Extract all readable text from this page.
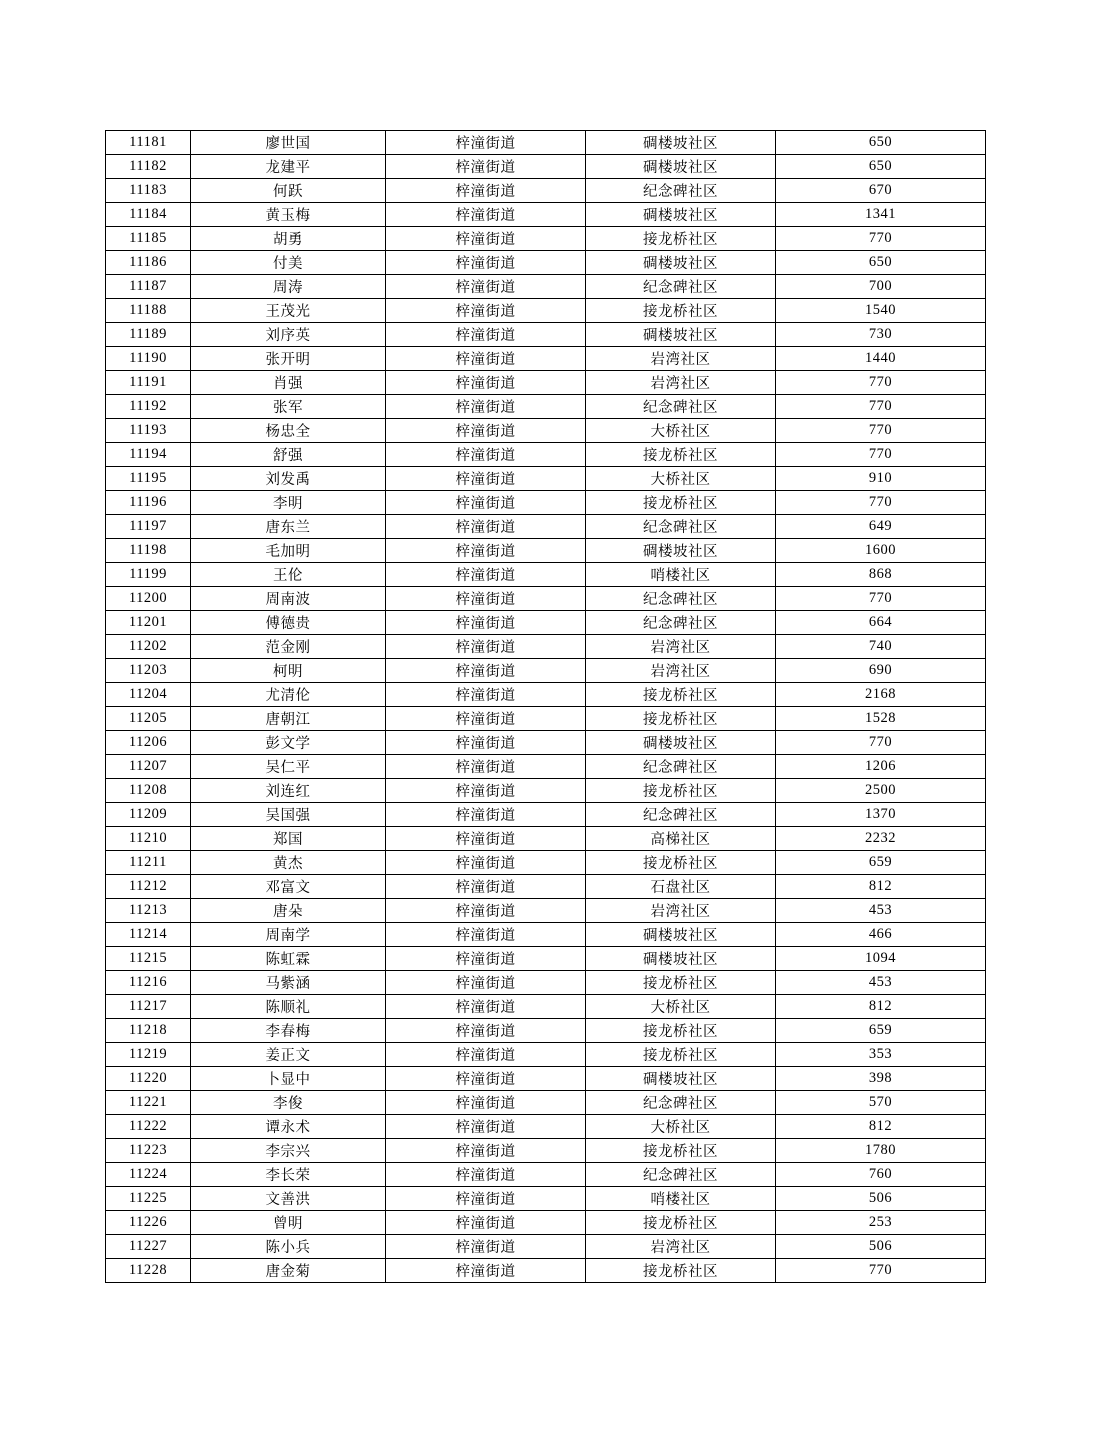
11181	廖世国	梓潼街道	碉楼坡社区	650
11182	龙建平	梓潼街道	碉楼坡社区	650
11183	何跃	梓潼街道	纪念碑社区	670
11184	黄玉梅	梓潼街道	碉楼坡社区	1341
11185	胡勇	梓潼街道	接龙桥社区	770
11186	付美	梓潼街道	碉楼坡社区	650
11187	周涛	梓潼街道	纪念碑社区	700
11188	王茂光	梓潼街道	接龙桥社区	1540
11189	刘序英	梓潼街道	碉楼坡社区	730
11190	张开明	梓潼街道	岩湾社区	1440
11191	肖强	梓潼街道	岩湾社区	770
11192	张军	梓潼街道	纪念碑社区	770
11193	杨忠全	梓潼街道	大桥社区	770
11194	舒强	梓潼街道	接龙桥社区	770
11195	刘发禹	梓潼街道	大桥社区	910
11196	李明	梓潼街道	接龙桥社区	770
11197	唐东兰	梓潼街道	纪念碑社区	649
11198	毛加明	梓潼街道	碉楼坡社区	1600
11199	王伦	梓潼街道	哨楼社区	868
11200	周南波	梓潼街道	纪念碑社区	770
11201	傅德贵	梓潼街道	纪念碑社区	664
11202	范金刚	梓潼街道	岩湾社区	740
11203	柯明	梓潼街道	岩湾社区	690
11204	尤清伦	梓潼街道	接龙桥社区	2168
11205	唐朝江	梓潼街道	接龙桥社区	1528
11206	彭文学	梓潼街道	碉楼坡社区	770
11207	吴仁平	梓潼街道	纪念碑社区	1206
11208	刘连红	梓潼街道	接龙桥社区	2500
11209	吴国强	梓潼街道	纪念碑社区	1370
11210	郑国	梓潼街道	高梯社区	2232
11211	黄杰	梓潼街道	接龙桥社区	659
11212	邓富文	梓潼街道	石盘社区	812
11213	唐朵	梓潼街道	岩湾社区	453
11214	周南学	梓潼街道	碉楼坡社区	466
11215	陈虹霖	梓潼街道	碉楼坡社区	1094
11216	马紫涵	梓潼街道	接龙桥社区	453
11217	陈顺礼	梓潼街道	大桥社区	812
11218	李春梅	梓潼街道	接龙桥社区	659
11219	姜正文	梓潼街道	接龙桥社区	353
11220	卜显中	梓潼街道	碉楼坡社区	398
11221	李俊	梓潼街道	纪念碑社区	570
11222	谭永术	梓潼街道	大桥社区	812
11223	李宗兴	梓潼街道	接龙桥社区	1780
11224	李长荣	梓潼街道	纪念碑社区	760
11225	文善洪	梓潼街道	哨楼社区	506
11226	曾明	梓潼街道	接龙桥社区	253
11227	陈小兵	梓潼街道	岩湾社区	506
11228	唐金菊	梓潼街道	接龙桥社区	770
